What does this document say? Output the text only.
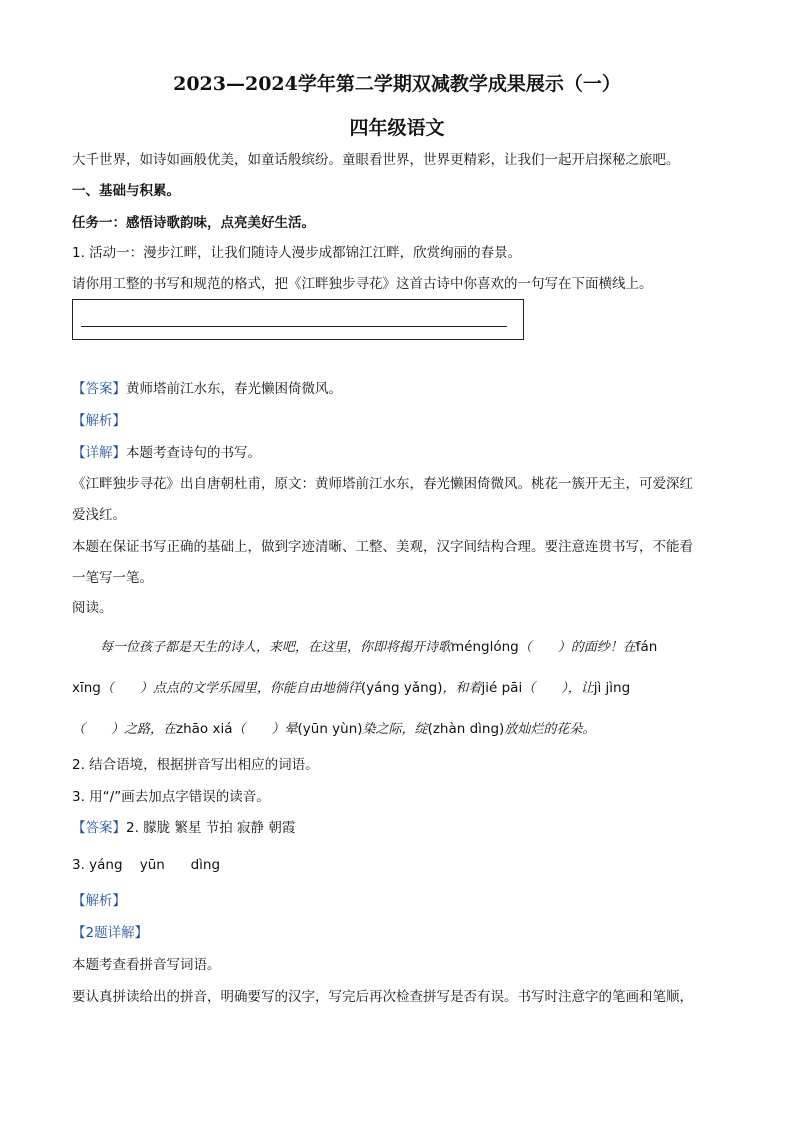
2023—2024学年第二学期双减教学成果展示（一）
四年级语文
大千世界，如诗如画般优美，如童话般缤纷。童眼看世界，世界更精彩，让我们一起开启探秘之旅吧。
一、基础与积累。
任务一：感悟诗歌韵味，点亮美好生活。
1. 活动一：漫步江畔，让我们随诗人漫步成都锦江江畔，欣赏绚丽的春景。
请你用工整的书写和规范的格式，把《江畔独步寻花》这首古诗中你喜欢的一句写在下面横线上。
【答案】黄师塔前江水东，春光懒困倚微风。
【解析】
【详解】本题考查诗句的书写。
《江畔独步寻花》出自唐朝杜甫，原文：黄师塔前江水东，春光懒困倚微风。桃花一簇开无主，可爱深红
爱浅红。
本题在保证书写正确的基础上，做到字迹清晰、工整、美观，汉字间结构合理。要注意连贯书写，不能看
一笔写一笔。
阅读。
每一位孩子都是天生的诗人，来吧，在这里，你即将揭开诗歌ménglóng（　　）的面纱！在fán
xīng（　　）点点的文学乐园里，你能自由地徜徉(yáng yǎng)，和着jié pāi（　　），让jì jìng
（　　）之路，在zhāo xiá（　　）晕(yūn yùn)染之际，绽(zhàn dìng)放灿烂的花朵。
2. 结合语境，根据拼音写出相应的词语。
3. 用“/”画去加点字错误的读音。
【答案】2. 朦胧 繁星 节拍 寂静 朝霞
3. yáng    yūn      dìng
【解析】
【2题详解】
本题考查看拼音写词语。
要认真拼读给出的拼音，明确要写的汉字，写完后再次检查拼写是否有误。书写时注意字的笔画和笔顺，
